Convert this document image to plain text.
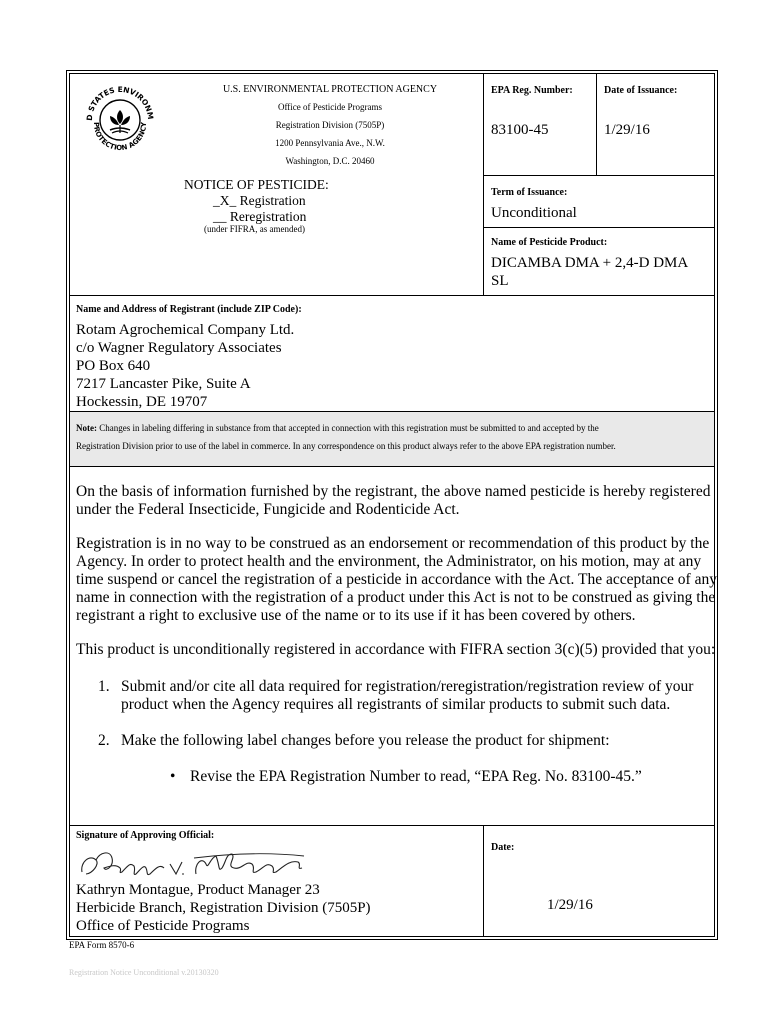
D STATES ENVIRONM
PROTECTION AGENCY
U.S. ENVIRONMENTAL PROTECTION AGENCY
Office of Pesticide Programs
Registration Division (7505P)
1200 Pennsylvania Ave., N.W.
Washington, D.C. 20460
NOTICE OF PESTICIDE:
_X_ Registration
__ Reregistration
(under FIFRA, as amended)
EPA Reg. Number:
83100-45
Date of Issuance:
1/29/16
Term of Issuance:
Unconditional
Name of Pesticide Product:
DICAMBA DMA + 2,4-D DMA
SL
Name and Address of Registrant (include ZIP Code):
Rotam Agrochemical Company Ltd.
c/o Wagner Regulatory Associates
PO Box 640
7217 Lancaster Pike, Suite A
Hockessin, DE 19707
Note: Changes in labeling differing in substance from that accepted in connection with this registration must be submitted to and accepted by the
Registration Division prior to use of the label in commerce. In any correspondence on this product always refer to the above EPA registration number.
On the basis of information furnished by the registrant, the above named pesticide is hereby registered
under the Federal Insecticide, Fungicide and Rodenticide Act.
Registration is in no way to be construed as an endorsement or recommendation of this product by the
Agency. In order to protect health and the environment, the Administrator, on his motion, may at any
time suspend or cancel the registration of a pesticide in accordance with the Act. The acceptance of any
name in connection with the registration of a product under this Act is not to be construed as giving the
registrant a right to exclusive use of the name or to its use if it has been covered by others.
This product is unconditionally registered in accordance with FIFRA section 3(c)(5) provided that you:
1. Submit and/or cite all data required for registration/reregistration/registration review of your
product when the Agency requires all registrants of similar products to submit such data.
2. Make the following label changes before you release the product for shipment:
• Revise the EPA Registration Number to read, “EPA Reg. No. 83100-45.”
Signature of Approving Official:
Kathryn Montague, Product Manager 23
Herbicide Branch, Registration Division (7505P)
Office of Pesticide Programs
Date:
1/29/16
EPA Form 8570-6
Registration Notice Unconditional v.20130320
